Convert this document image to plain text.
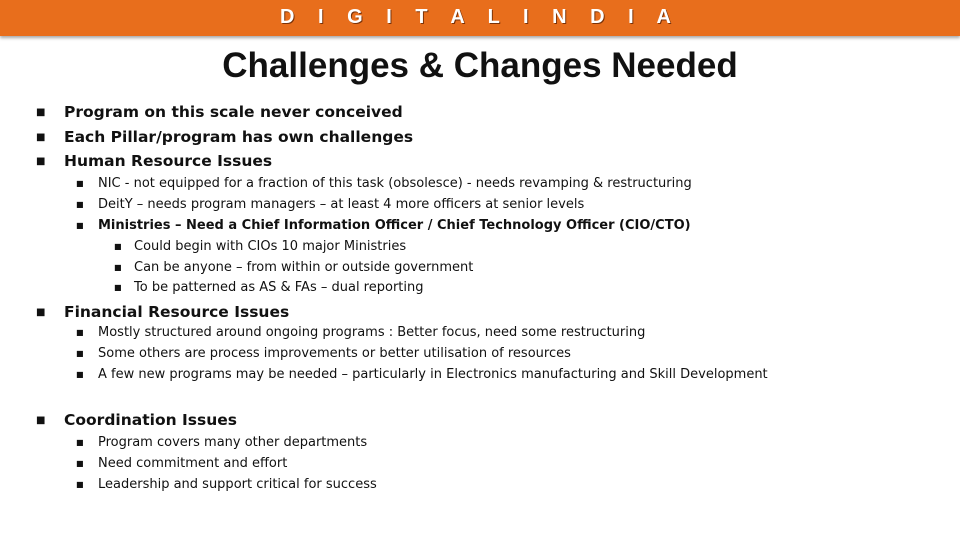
D I G I T A L I N D I A
Challenges & Changes Needed
■ Program on this scale never conceived
■ Each Pillar/program has own challenges
■ Human Resource Issues
■ NIC - not equipped for a fraction of this task (obsolesce) - needs revamping & restructuring
■ DeitY – needs program managers – at least 4 more officers at senior levels
■ Ministries – Need a Chief Information Officer / Chief Technology Officer (CIO/CTO)
■ Could begin with CIOs 10 major Ministries
■ Can be anyone – from within or outside government
■ To be patterned as AS & FAs – dual reporting
■ Financial Resource Issues
■ Mostly structured around ongoing programs : Better focus, need some restructuring
■ Some others are process improvements or better utilisation of resources
■ A few new programs may be needed – particularly in Electronics manufacturing and Skill Development
■ Coordination Issues
■ Program covers many other departments
■ Need commitment and effort
■ Leadership and support critical for success
